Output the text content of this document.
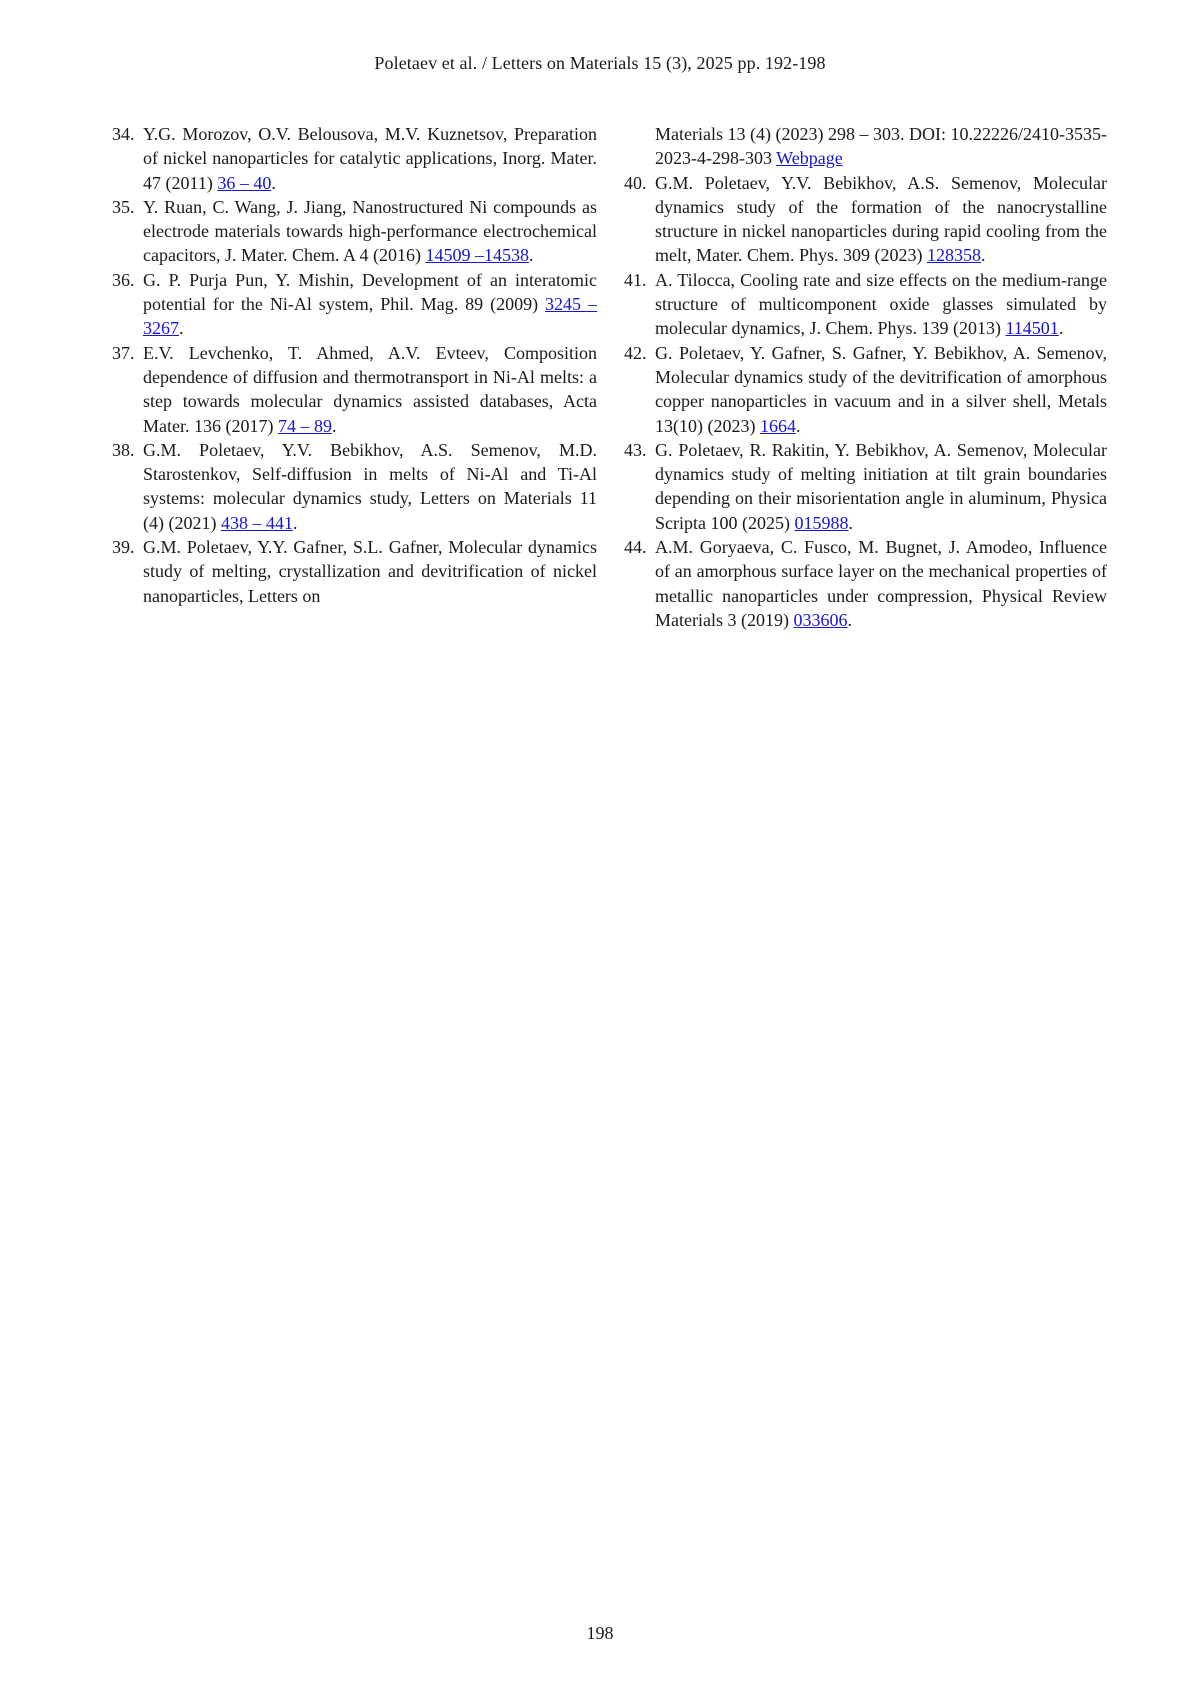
Poletaev et al. / Letters on Materials 15 (3), 2025 pp. 192-198
34. Y.G. Morozov, O.V. Belousova, M.V. Kuznetsov, Preparation of nickel nanoparticles for catalytic applications, Inorg. Mater. 47 (2011) 36 – 40.
35. Y. Ruan, C. Wang, J. Jiang, Nanostructured Ni compounds as electrode materials towards high-performance electrochemical capacitors, J. Mater. Chem. A 4 (2016) 14509 –14538.
36. G. P. Purja Pun, Y. Mishin, Development of an interatomic potential for the Ni-Al system, Phil. Mag. 89 (2009) 3245 – 3267.
37. E.V. Levchenko, T. Ahmed, A.V. Evteev, Composition dependence of diffusion and thermotransport in Ni-Al melts: a step towards molecular dynamics assisted databases, Acta Mater. 136 (2017) 74 – 89.
38. G.M. Poletaev, Y.V. Bebikhov, A.S. Semenov, M.D. Starostenkov, Self-diffusion in melts of Ni-Al and Ti-Al systems: molecular dynamics study, Letters on Materials 11 (4) (2021) 438 – 441.
39. G.M. Poletaev, Y.Y. Gafner, S.L. Gafner, Molecular dynamics study of melting, crystallization and devitrification of nickel nanoparticles, Letters on
Materials 13 (4) (2023) 298 – 303. DOI: 10.22226/2410-3535-2023-4-298-303 Webpage
40. G.M. Poletaev, Y.V. Bebikhov, A.S. Semenov, Molecular dynamics study of the formation of the nanocrystalline structure in nickel nanoparticles during rapid cooling from the melt, Mater. Chem. Phys. 309 (2023) 128358.
41. A. Tilocca, Cooling rate and size effects on the medium-range structure of multicomponent oxide glasses simulated by molecular dynamics, J. Chem. Phys. 139 (2013) 114501.
42. G. Poletaev, Y. Gafner, S. Gafner, Y. Bebikhov, A. Semenov, Molecular dynamics study of the devitrification of amorphous copper nanoparticles in vacuum and in a silver shell, Metals 13(10) (2023) 1664.
43. G. Poletaev, R. Rakitin, Y. Bebikhov, A. Semenov, Molecular dynamics study of melting initiation at tilt grain boundaries depending on their misorientation angle in aluminum, Physica Scripta 100 (2025) 015988.
44. A.M. Goryaeva, C. Fusco, M. Bugnet, J. Amodeo, Influence of an amorphous surface layer on the mechanical properties of metallic nanoparticles under compression, Physical Review Materials 3 (2019) 033606.
198
